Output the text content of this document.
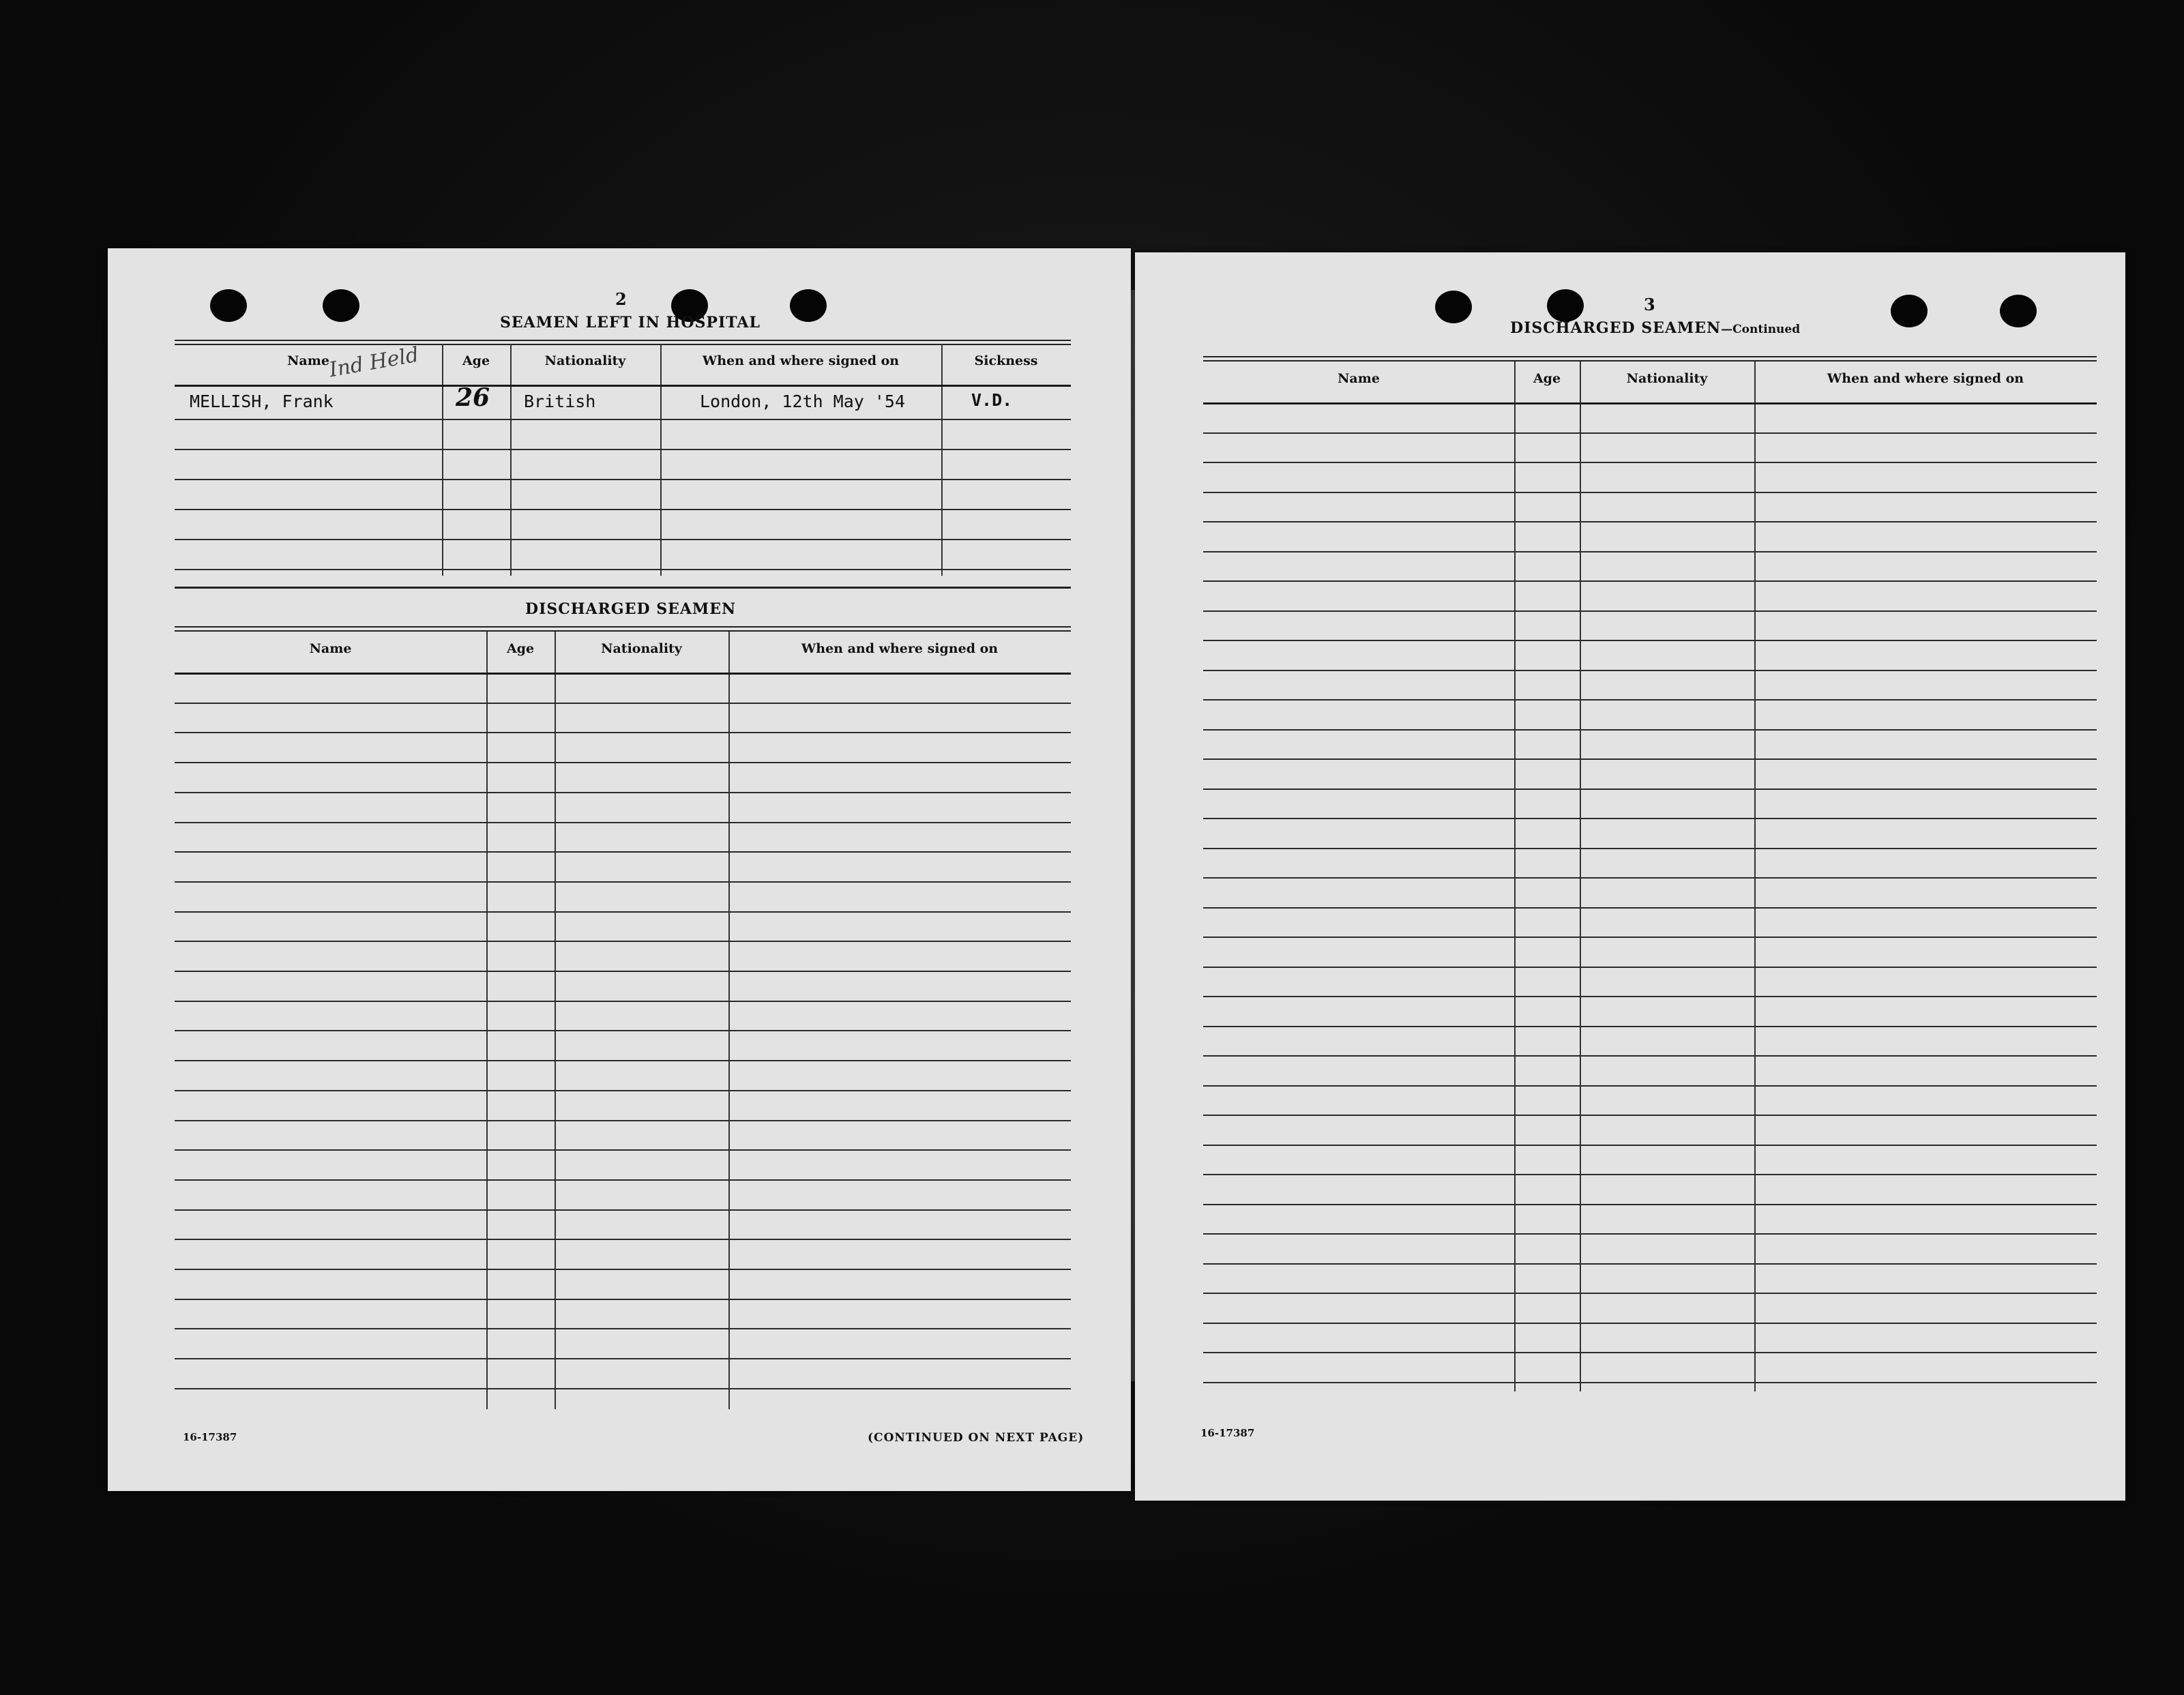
2
SEAMEN LEFT IN HOSPITAL
Name	Age	Nationality	When and where signed on	Sickness
Ind Held
MELLISH, Frank	26 British	London, 12th May '54	V.D.
DISCHARGED SEAMEN
Name	Age	Nationality	When and where signed on
16-17387	(CONTINUED ON NEXT PAGE)
3
DISCHARGED SEAMEN—Continued
Name	Age	Nationality	When and where signed on
16-17387
